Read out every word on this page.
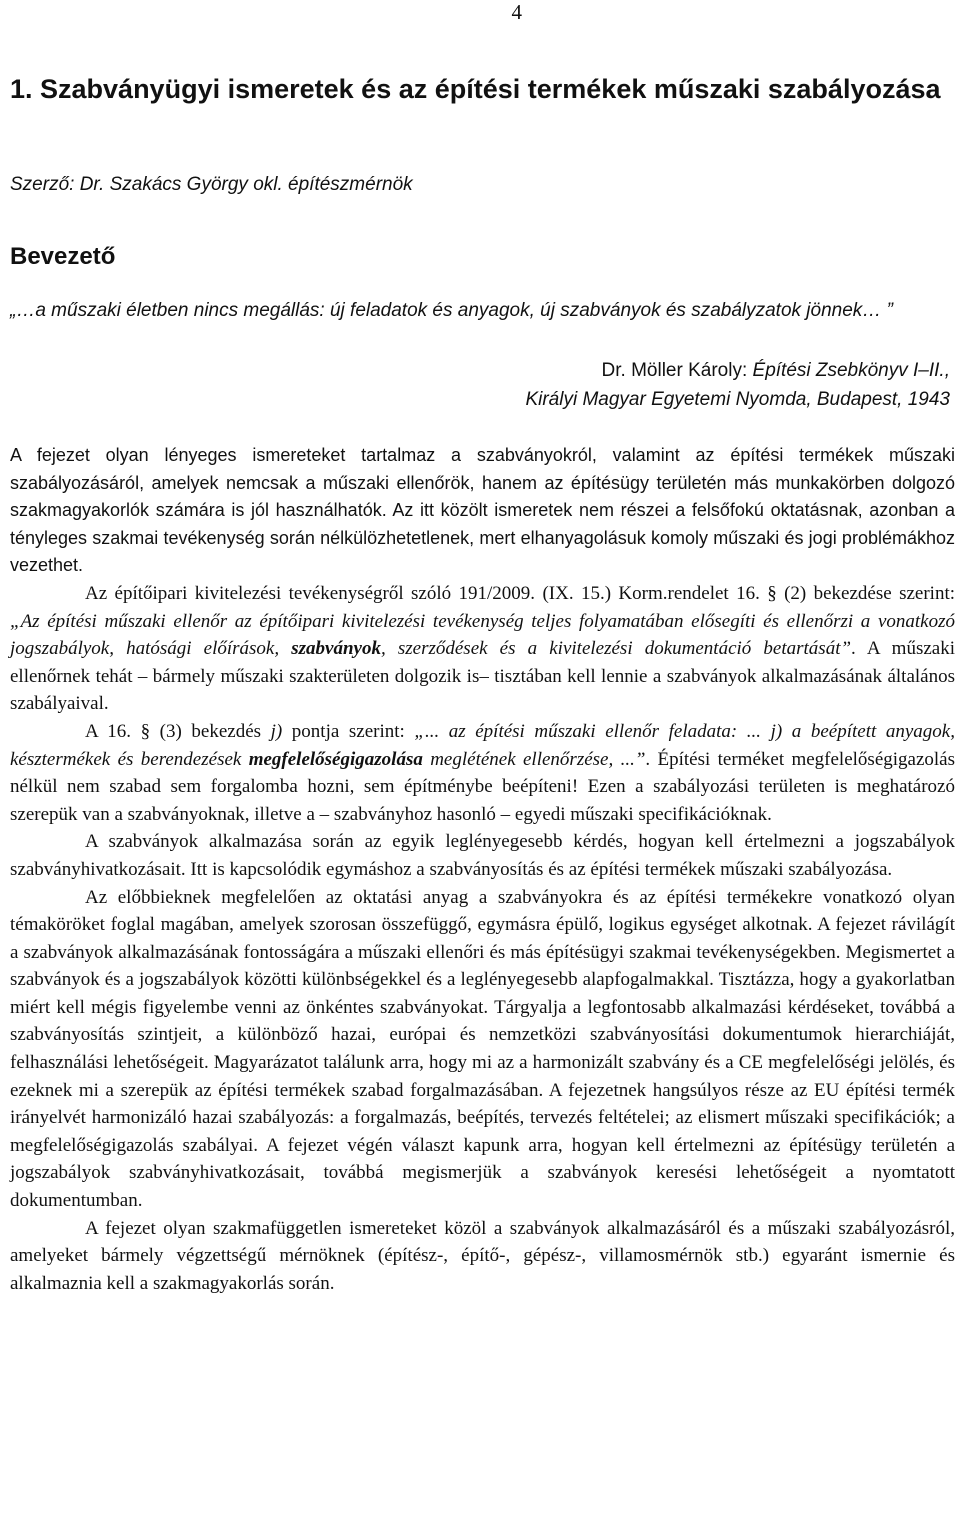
4
1. Szabványügyi ismeretek és az építési termékek műszaki szabályozása

Szerző: Dr. Szakács György okl. építészmérnök

Bevezető

„…a műszaki életben nincs megállás: új feladatok és anyagok, új szabványok és szabályzatok jönnek… ”

Dr. Möller Károly: Építési Zsebkönyv I–II.,
Királyi Magyar Egyetemi Nyomda, Budapest, 1943

A fejezet olyan lényeges ismereteket tartalmaz a szabványokról, valamint az építési termékek műszaki szabályozásáról, amelyek nemcsak a műszaki ellenőrök, hanem az építésügy területén más munkakörben dolgozó szakmagyakorlók számára is jól használhatók. Az itt közölt ismeretek nem részei a felsőfokú oktatásnak, azonban a tényleges szakmai tevékenység során nélkülözhetetlenek, mert elhanyagolásuk komoly műszaki és jogi problémákhoz vezethet.

Az építőipari kivitelezési tevékenységről szóló 191/2009. (IX. 15.) Korm.rendelet 16. § (2) bekezdése szerint: „Az építési műszaki ellenőr az építőipari kivitelezési tevékenység teljes folyamatában elősegíti és ellenőrzi a vonatkozó jogszabályok, hatósági előírások, szabványok, szerződések és a kivitelezési dokumentáció betartását”. A műszaki ellenőrnek tehát – bármely műszaki szakterületen dolgozik is– tisztában kell lennie a szabványok alkalmazásának általános szabályaival.

A 16. § (3) bekezdés j) pontja szerint: „... az építési műszaki ellenőr feladata: ... j) a beépített anyagok, késztermékek és berendezések megfelelőségigazolása meglétének ellenőrzése, ...”. Építési terméket megfelelőségigazolás nélkül nem szabad sem forgalomba hozni, sem építménybe beépíteni! Ezen a szabályozási területen is meghatározó szerepük van a szabványoknak, illetve a – szabványhoz hasonló – egyedi műszaki specifikációknak.

A szabványok alkalmazása során az egyik leglényegesebb kérdés, hogyan kell értelmezni a jogszabályok szabványhivatkozásait. Itt is kapcsolódik egymáshoz a szabványosítás és az építési termékek műszaki szabályozása.

Az előbbieknek megfelelően az oktatási anyag a szabványokra és az építési termékekre vonatkozó olyan témaköröket foglal magában, amelyek szorosan összefüggő, egymásra épülő, logikus egységet alkotnak. A fejezet rávilágít a szabványok alkalmazásának fontosságára a műszaki ellenőri és más építésügyi szakmai tevékenységekben. Megismertet a szabványok és a jogszabályok közötti különbségekkel és a leglényegesebb alapfogalmakkal. Tisztázza, hogy a gyakorlatban miért kell mégis figyelembe venni az önkéntes szabványokat. Tárgyalja a legfontosabb alkalmazási kérdéseket, továbbá a szabványosítás szintjeit, a különböző hazai, európai és nemzetközi szabványosítási dokumentumok hierarchiáját, felhasználási lehetőségeit. Magyarázatot találunk arra, hogy mi az a harmonizált szabvány és a CE megfelelőségi jelölés, és ezeknek mi a szerepük az építési termékek szabad forgalmazásában. A fejezetnek hangsúlyos része az EU építési termék irányelvét harmonizáló hazai szabályozás: a forgalmazás, beépítés, tervezés feltételei; az elismert műszaki specifikációk; a megfelelőségigazolás szabályai. A fejezet végén választ kapunk arra, hogyan kell értelmezni az építésügy területén a jogszabályok szabványhivatkozásait, továbbá megismerjük a szabványok keresési lehetőségeit a nyomtatott dokumentumban.

A fejezet olyan szakmafüggetlen ismereteket közöl a szabványok alkalmazásáról és a műszaki szabályozásról, amelyeket bármely végzettségű mérnöknek (építész-, építő-, gépész-, villamosmérnök stb.) egyaránt ismernie és alkalmaznia kell a szakmagyakorlás során.
